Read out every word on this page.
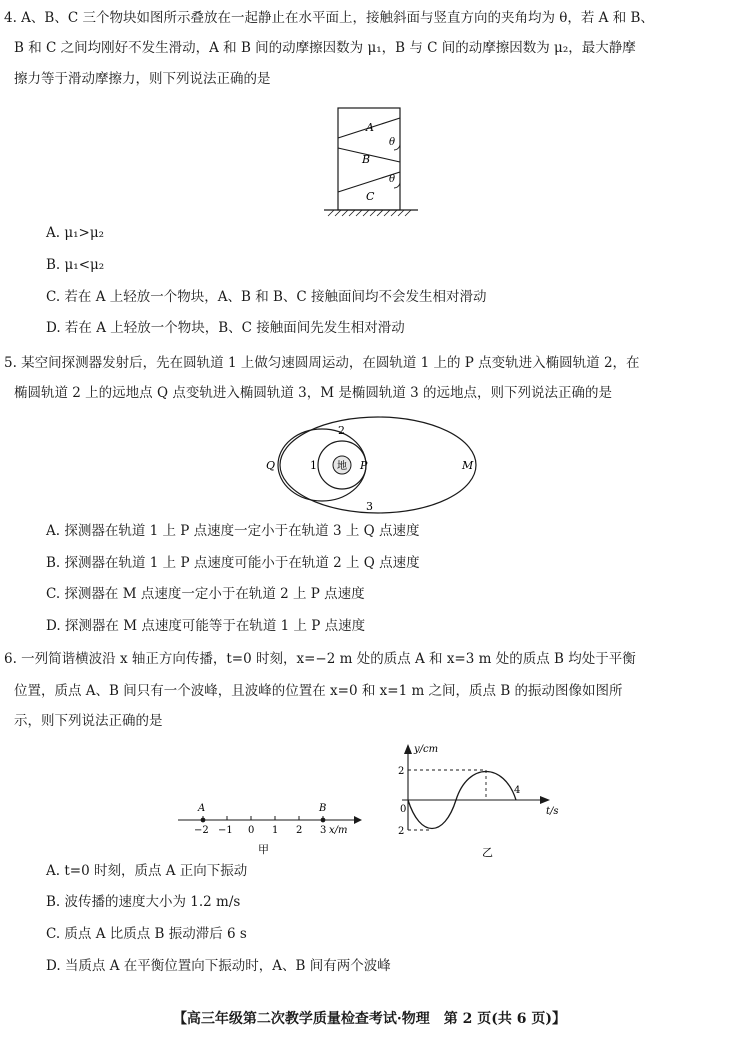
4. A、B、C 三个物块如图所示叠放在一起静止在水平面上，接触斜面与竖直方向的夹角均为 θ，若 A 和 B、
B 和 C 之间均刚好不发生滑动，A 和 B 间的动摩擦因数为 μ₁，B 与 C 间的动摩擦因数为 μ₂，最大静摩
擦力等于滑动摩擦力，则下列说法正确的是
A
B
C
θ
θ
A. μ₁>μ₂
B. μ₁<μ₂
C. 若在 A 上轻放一个物块，A、B 和 B、C 接触面间均不会发生相对滑动
D. 若在 A 上轻放一个物块，B、C 接触面间先发生相对滑动
5. 某空间探测器发射后，先在圆轨道 1 上做匀速圆周运动，在圆轨道 1 上的 P 点变轨进入椭圆轨道 2，在
椭圆轨道 2 上的远地点 Q 点变轨进入椭圆轨道 3，M 是椭圆轨道 3 的远地点，则下列说法正确的是
地
2
1
3
Q	P	M
A. 探测器在轨道 1 上 P 点速度一定小于在轨道 3 上 Q 点速度
B. 探测器在轨道 1 上 P 点速度可能小于在轨道 2 上 Q 点速度
C. 探测器在 M 点速度一定小于在轨道 2 上 P 点速度
D. 探测器在 M 点速度可能等于在轨道 1 上 P 点速度
6. 一列简谐横波沿 x 轴正方向传播，t=0 时刻，x=−2 m 处的质点 A 和 x=3 m 处的质点 B 均处于平衡
位置，质点 A、B 间只有一个波峰，且波峰的位置在 x=0 和 x=1 m 之间，质点 B 的振动图像如图所
示，则下列说法正确的是
A	B
−2 −1 0 1 2 3 x/m
甲
y/cm
t/s
0
2
2
4
乙
A. t=0 时刻，质点 A 正向下振动
B. 波传播的速度大小为 1.2 m/s
C. 质点 A 比质点 B 振动滞后 6 s
D. 当质点 A 在平衡位置向下振动时，A、B 间有两个波峰
【高三年级第二次教学质量检查考试·物理　第 2 页(共 6 页)】
